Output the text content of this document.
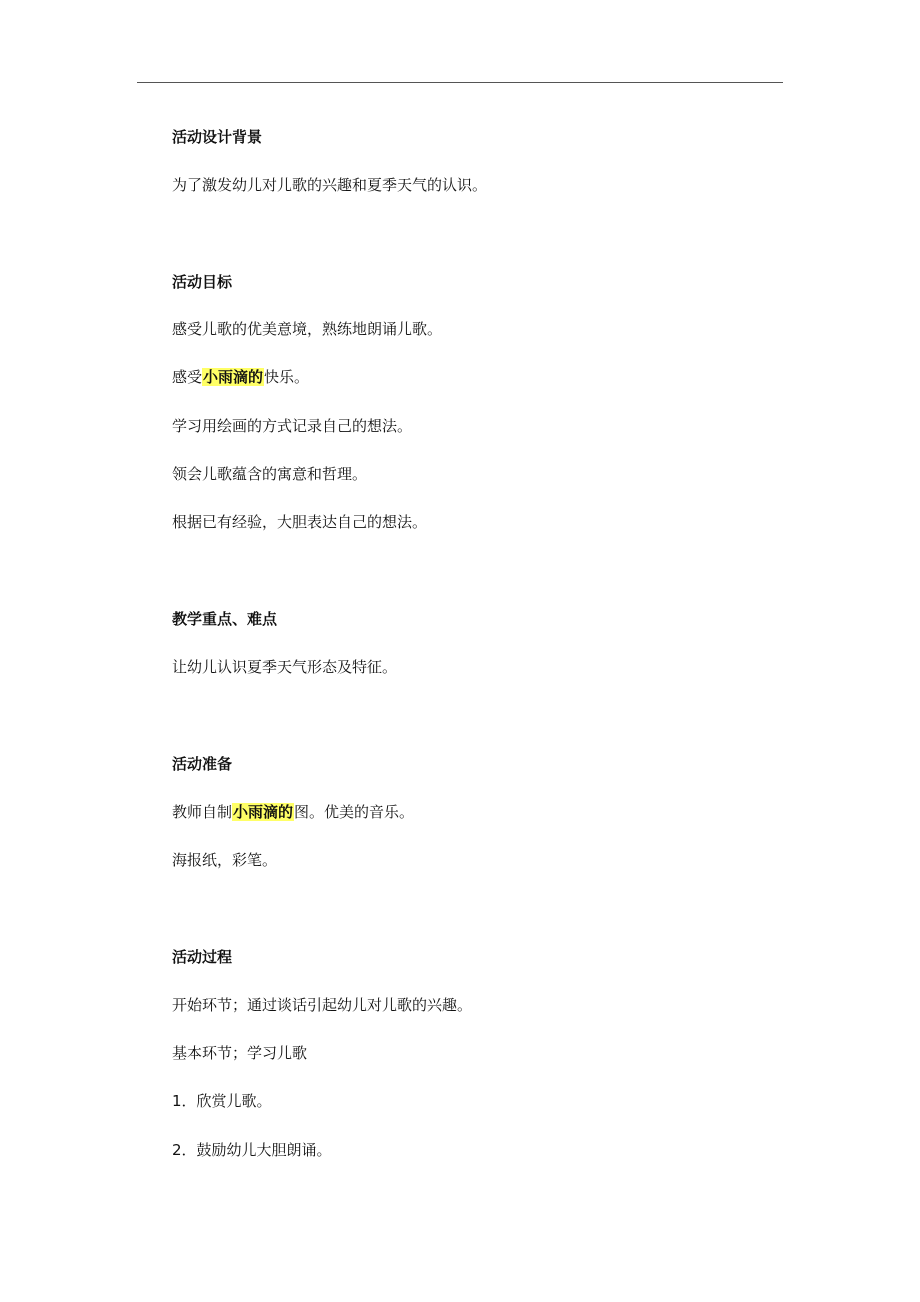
活动设计背景
为了激发幼儿对儿歌的兴趣和夏季天气的认识。
活动目标
感受儿歌的优美意境，熟练地朗诵儿歌。
感受小雨滴的快乐。
学习用绘画的方式记录自己的想法。
领会儿歌蕴含的寓意和哲理。
根据已有经验，大胆表达自己的想法。
教学重点、难点
让幼儿认识夏季天气形态及特征。
活动准备
教师自制小雨滴的图。优美的音乐。
海报纸，彩笔。
活动过程
开始环节；通过谈话引起幼儿对儿歌的兴趣。
基本环节；学习儿歌
1．欣赏儿歌。
2．鼓励幼儿大胆朗诵。
